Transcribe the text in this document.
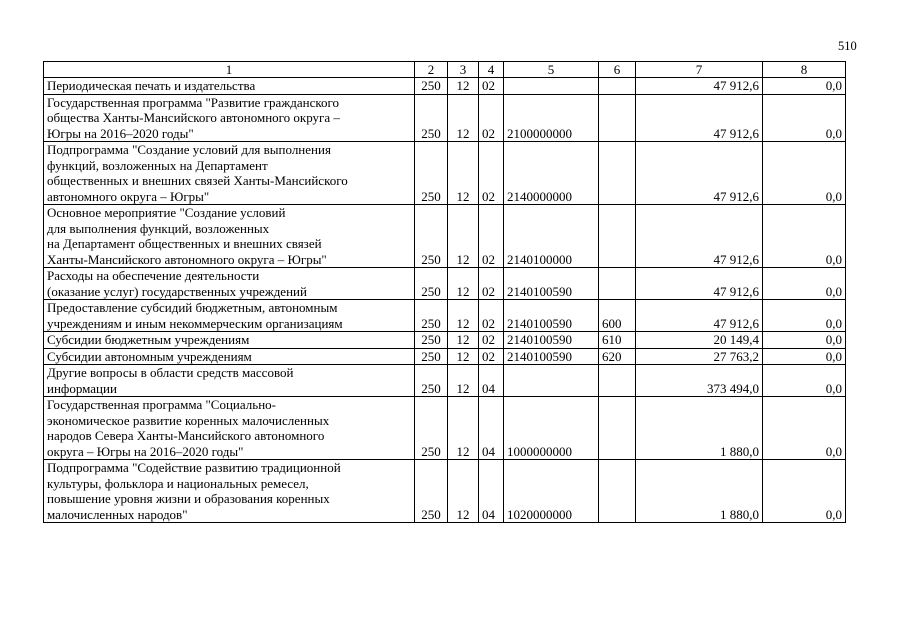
510
1	2	3	4	5	6	7	8
Периодическая печать и издательства	250	12	02			47 912,6	0,0
Государственная программа "Развитие гражданского
общества Ханты-Мансийского автономного округа –
Югры на 2016–2020 годы"	250	12	02	2100000000		47 912,6	0,0
Подпрограмма "Создание условий для выполнения
функций, возложенных на Департамент
общественных и внешних связей Ханты-Мансийского
автономного округа – Югры"	250	12	02	2140000000		47 912,6	0,0
Основное мероприятие "Создание условий
для выполнения функций, возложенных
на Департамент общественных и внешних связей
Ханты-Мансийского автономного округа – Югры"	250	12	02	2140100000		47 912,6	0,0
Расходы на обеспечение деятельности
(оказание услуг) государственных учреждений	250	12	02	2140100590		47 912,6	0,0
Предоставление субсидий бюджетным, автономным
учреждениям и иным некоммерческим организациям	250	12	02	2140100590	600	47 912,6	0,0
Субсидии бюджетным учреждениям	250	12	02	2140100590	610	20 149,4	0,0
Субсидии автономным учреждениям	250	12	02	2140100590	620	27 763,2	0,0
Другие вопросы в области средств массовой
информации	250	12	04			373 494,0	0,0
Государственная программа "Социально-
экономическое развитие коренных малочисленных
народов Севера Ханты-Мансийского автономного
округа – Югры на 2016–2020 годы"	250	12	04	1000000000		1 880,0	0,0
Подпрограмма "Содействие развитию традиционной
культуры, фольклора и национальных ремесел,
повышение уровня жизни и образования коренных
малочисленных народов"	250	12	04	1020000000		1 880,0	0,0
